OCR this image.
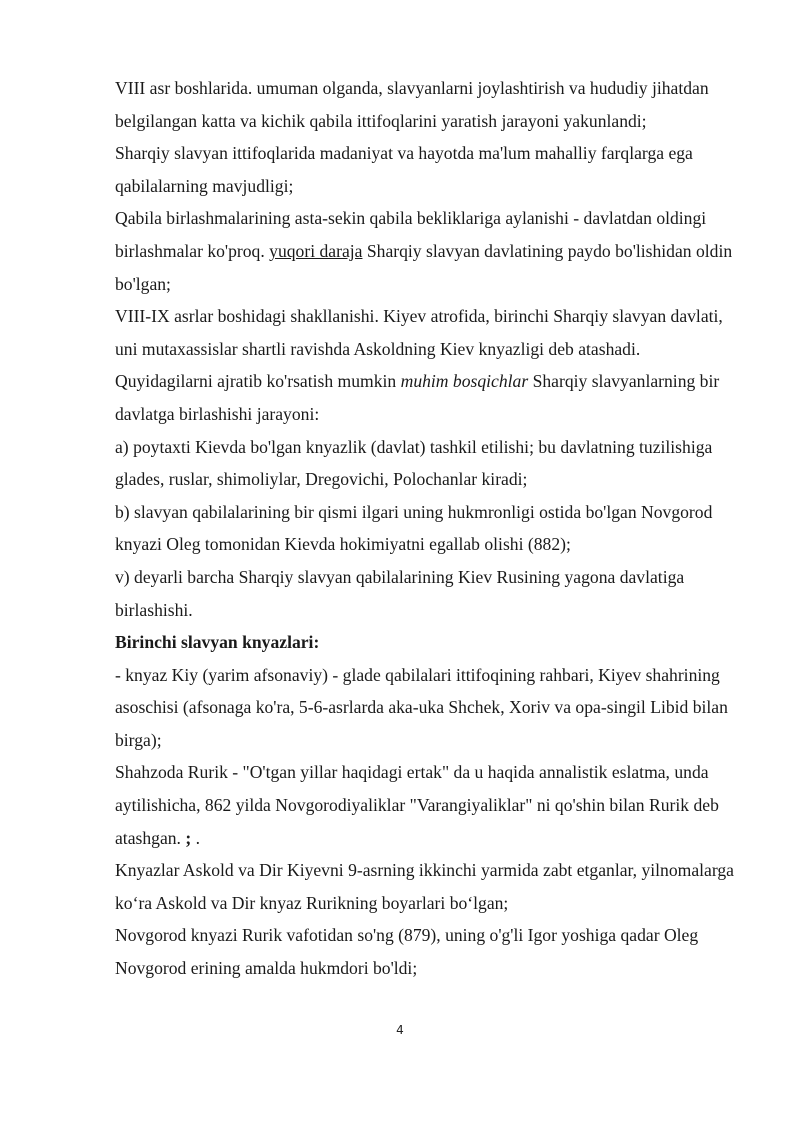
VIII asr boshlarida. umuman olganda, slavyanlarni joylashtirish va hududiy jihatdan belgilangan katta va kichik qabila ittifoqlarini yaratish jarayoni yakunlandi;

Sharqiy slavyan ittifoqlarida madaniyat va hayotda ma'lum mahalliy farqlarga ega qabilalarning mavjudligi;

Qabila birlashmalarining asta-sekin qabila bekliklariga aylanishi - davlatdan oldingi birlashmalar ko'proq. yuqori daraja Sharqiy slavyan davlatining paydo bo'lishidan oldin bo'lgan;

VIII-IX asrlar boshidagi shakllanishi. Kiyev atrofida, birinchi Sharqiy slavyan davlati, uni mutaxassislar shartli ravishda Askoldning Kiev knyazligi deb atashadi.

Quyidagilarni ajratib ko'rsatish mumkin muhim bosqichlar Sharqiy slavyanlarning bir davlatga birlashishi jarayoni:

a) poytaxti Kievda bo'lgan knyazlik (davlat) tashkil etilishi; bu davlatning tuzilishiga glades, ruslar, shimoliylar, Dregovichi, Polochanlar kiradi;

b) slavyan qabilalarining bir qismi ilgari uning hukmronligi ostida bo'lgan Novgorod knyazi Oleg tomonidan Kievda hokimiyatni egallab olishi (882);

v) deyarli barcha Sharqiy slavyan qabilalarining Kiev Rusining yagona davlatiga birlashishi.

Birinchi slavyan knyazlari:

- knyaz Kiy (yarim afsonaviy) - glade qabilalari ittifoqining rahbari, Kiyev shahrining asoschisi (afsonaga ko'ra, 5-6-asrlarda aka-uka Shchek, Xoriv va opa-singil Libid bilan birga);

Shahzoda Rurik - "O'tgan yillar haqidagi ertak" da u haqida annalistik eslatma, unda aytilishicha, 862 yilda Novgorodiyaliklar "Varangiyaliklar" ni qo'shin bilan Rurik deb atashgan. ; .

Knyazlar Askold va Dir Kiyevni 9-asrning ikkinchi yarmida zabt etganlar, yilnomalarga ko‘ra Askold va Dir knyaz Rurikning boyarlari bo‘lgan;

Novgorod knyazi Rurik vafotidan so'ng (879), uning o'g'li Igor yoshiga qadar Oleg Novgorod erining amalda hukmdori bo'ldi;

4
